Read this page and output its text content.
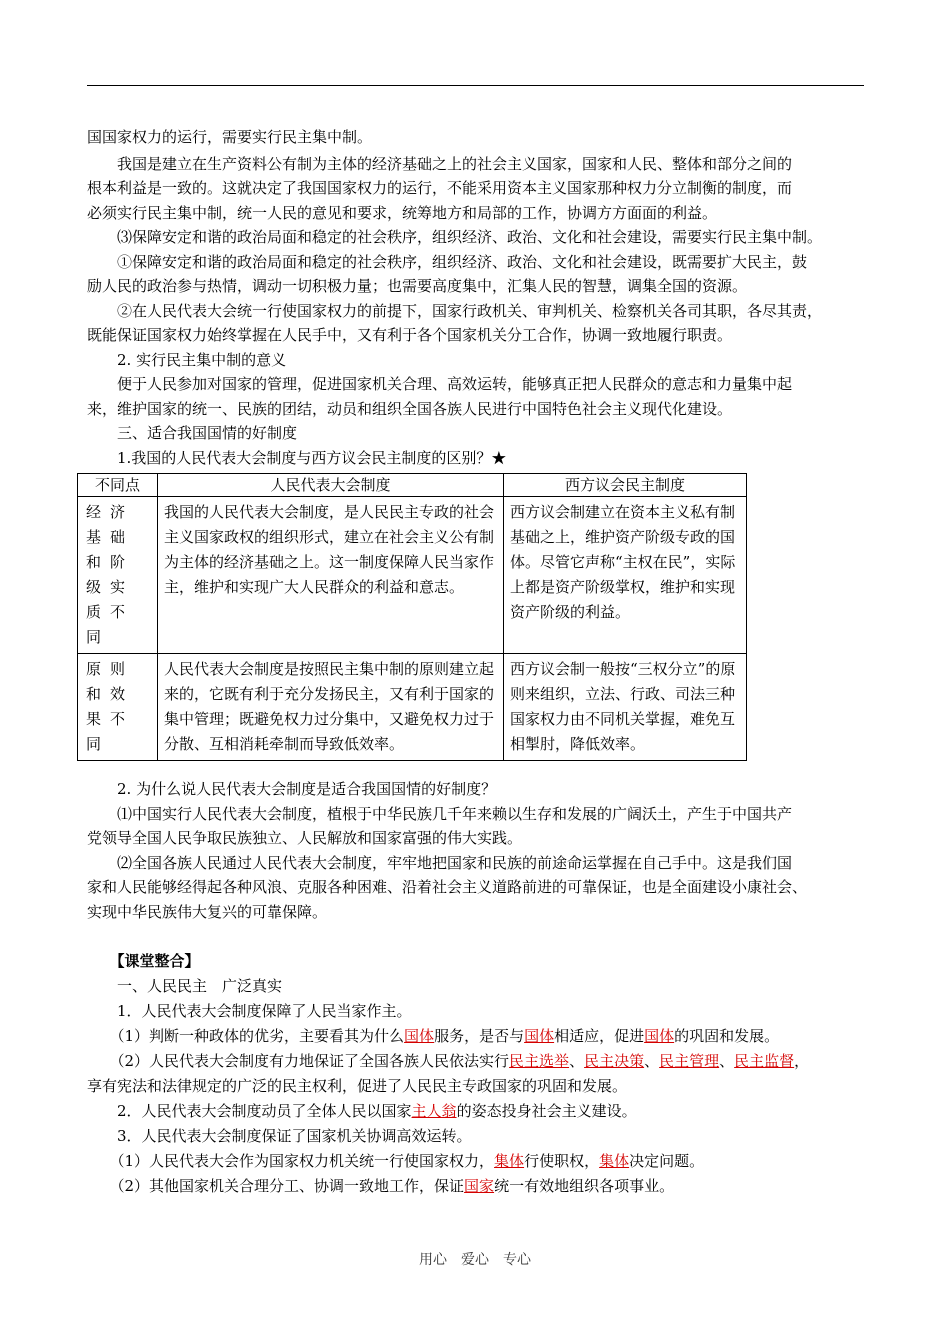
国国家权力的运行，需要实行民主集中制。
　　我国是建立在生产资料公有制为主体的经济基础之上的社会主义国家，国家和人民、整体和部分之间的
根本利益是一致的。这就决定了我国国家权力的运行，不能采用资本主义国家那种权力分立制衡的制度，而
必须实行民主集中制，统一人民的意见和要求，统筹地方和局部的工作，协调方方面面的利益。
　　⑶保障安定和谐的政治局面和稳定的社会秩序，组织经济、政治、文化和社会建设，需要实行民主集中制。
　　①保障安定和谐的政治局面和稳定的社会秩序，组织经济、政治、文化和社会建设，既需要扩大民主，鼓
励人民的政治参与热情，调动一切积极力量；也需要高度集中，汇集人民的智慧，调集全国的资源。
　　②在人民代表大会统一行使国家权力的前提下，国家行政机关、审判机关、检察机关各司其职，各尽其责，
既能保证国家权力始终掌握在人民手中，又有利于各个国家机关分工合作，协调一致地履行职责。
　　2. 实行民主集中制的意义
　　便于人民参加对国家的管理，促进国家机关合理、高效运转，能够真正把人民群众的意志和力量集中起
来，维护国家的统一、民族的团结，动员和组织全国各族人民进行中国特色社会主义现代化建设。
　　三、适合我国国情的好制度
　　1.我国的人民代表大会制度与西方议会民主制度的区别？★
不同点	人民代表大会制度	西方议会民主制度
经济基础和阶级实质不同	我国的人民代表大会制度，是人民民主专政的社会主义国家政权的组织形式，建立在社会主义公有制为主体的经济基础之上。这一制度保障人民当家作主，维护和实现广大人民群众的利益和意志。	西方议会制建立在资本主义私有制基础之上，维护资产阶级专政的国体。尽管它声称“主权在民”，实际上都是资产阶级掌权，维护和实现资产阶级的利益。
原则和效果不同	人民代表大会制度是按照民主集中制的原则建立起来的，它既有利于充分发扬民主，又有利于国家的集中管理；既避免权力过分集中，又避免权力过于分散、互相消耗牵制而导致低效率。	西方议会制一般按“三权分立”的原则来组织，立法、行政、司法三种国家权力由不同机关掌握，难免互相掣肘，降低效率。
　　2. 为什么说人民代表大会制度是适合我国国情的好制度？
　　⑴中国实行人民代表大会制度，植根于中华民族几千年来赖以生存和发展的广阔沃土，产生于中国共产
党领导全国人民争取民族独立、人民解放和国家富强的伟大实践。
　　⑵全国各族人民通过人民代表大会制度，牢牢地把国家和民族的前途命运掌握在自己手中。这是我们国
家和人民能够经得起各种风浪、克服各种困难、沿着社会主义道路前进的可靠保证，也是全面建设小康社会、
实现中华民族伟大复兴的可靠保障。
　　【课堂整合】
　　一、人民民主　广泛真实
　　1．人民代表大会制度保障了人民当家作主。
　　（1）判断一种政体的优劣，主要看其为什么国体服务，是否与国体相适应，促进国体的巩固和发展。
　　（2）人民代表大会制度有力地保证了全国各族人民依法实行民主选举、民主决策、民主管理、民主监督，
享有宪法和法律规定的广泛的民主权利，促进了人民民主专政国家的巩固和发展。
　　2．人民代表大会制度动员了全体人民以国家主人翁的姿态投身社会主义建设。
　　3．人民代表大会制度保证了国家机关协调高效运转。
　　（1）人民代表大会作为国家权力机关统一行使国家权力，集体行使职权，集体决定问题。
　　（2）其他国家机关合理分工、协调一致地工作，保证国家统一有效地组织各项事业。
用心　爱心　专心
